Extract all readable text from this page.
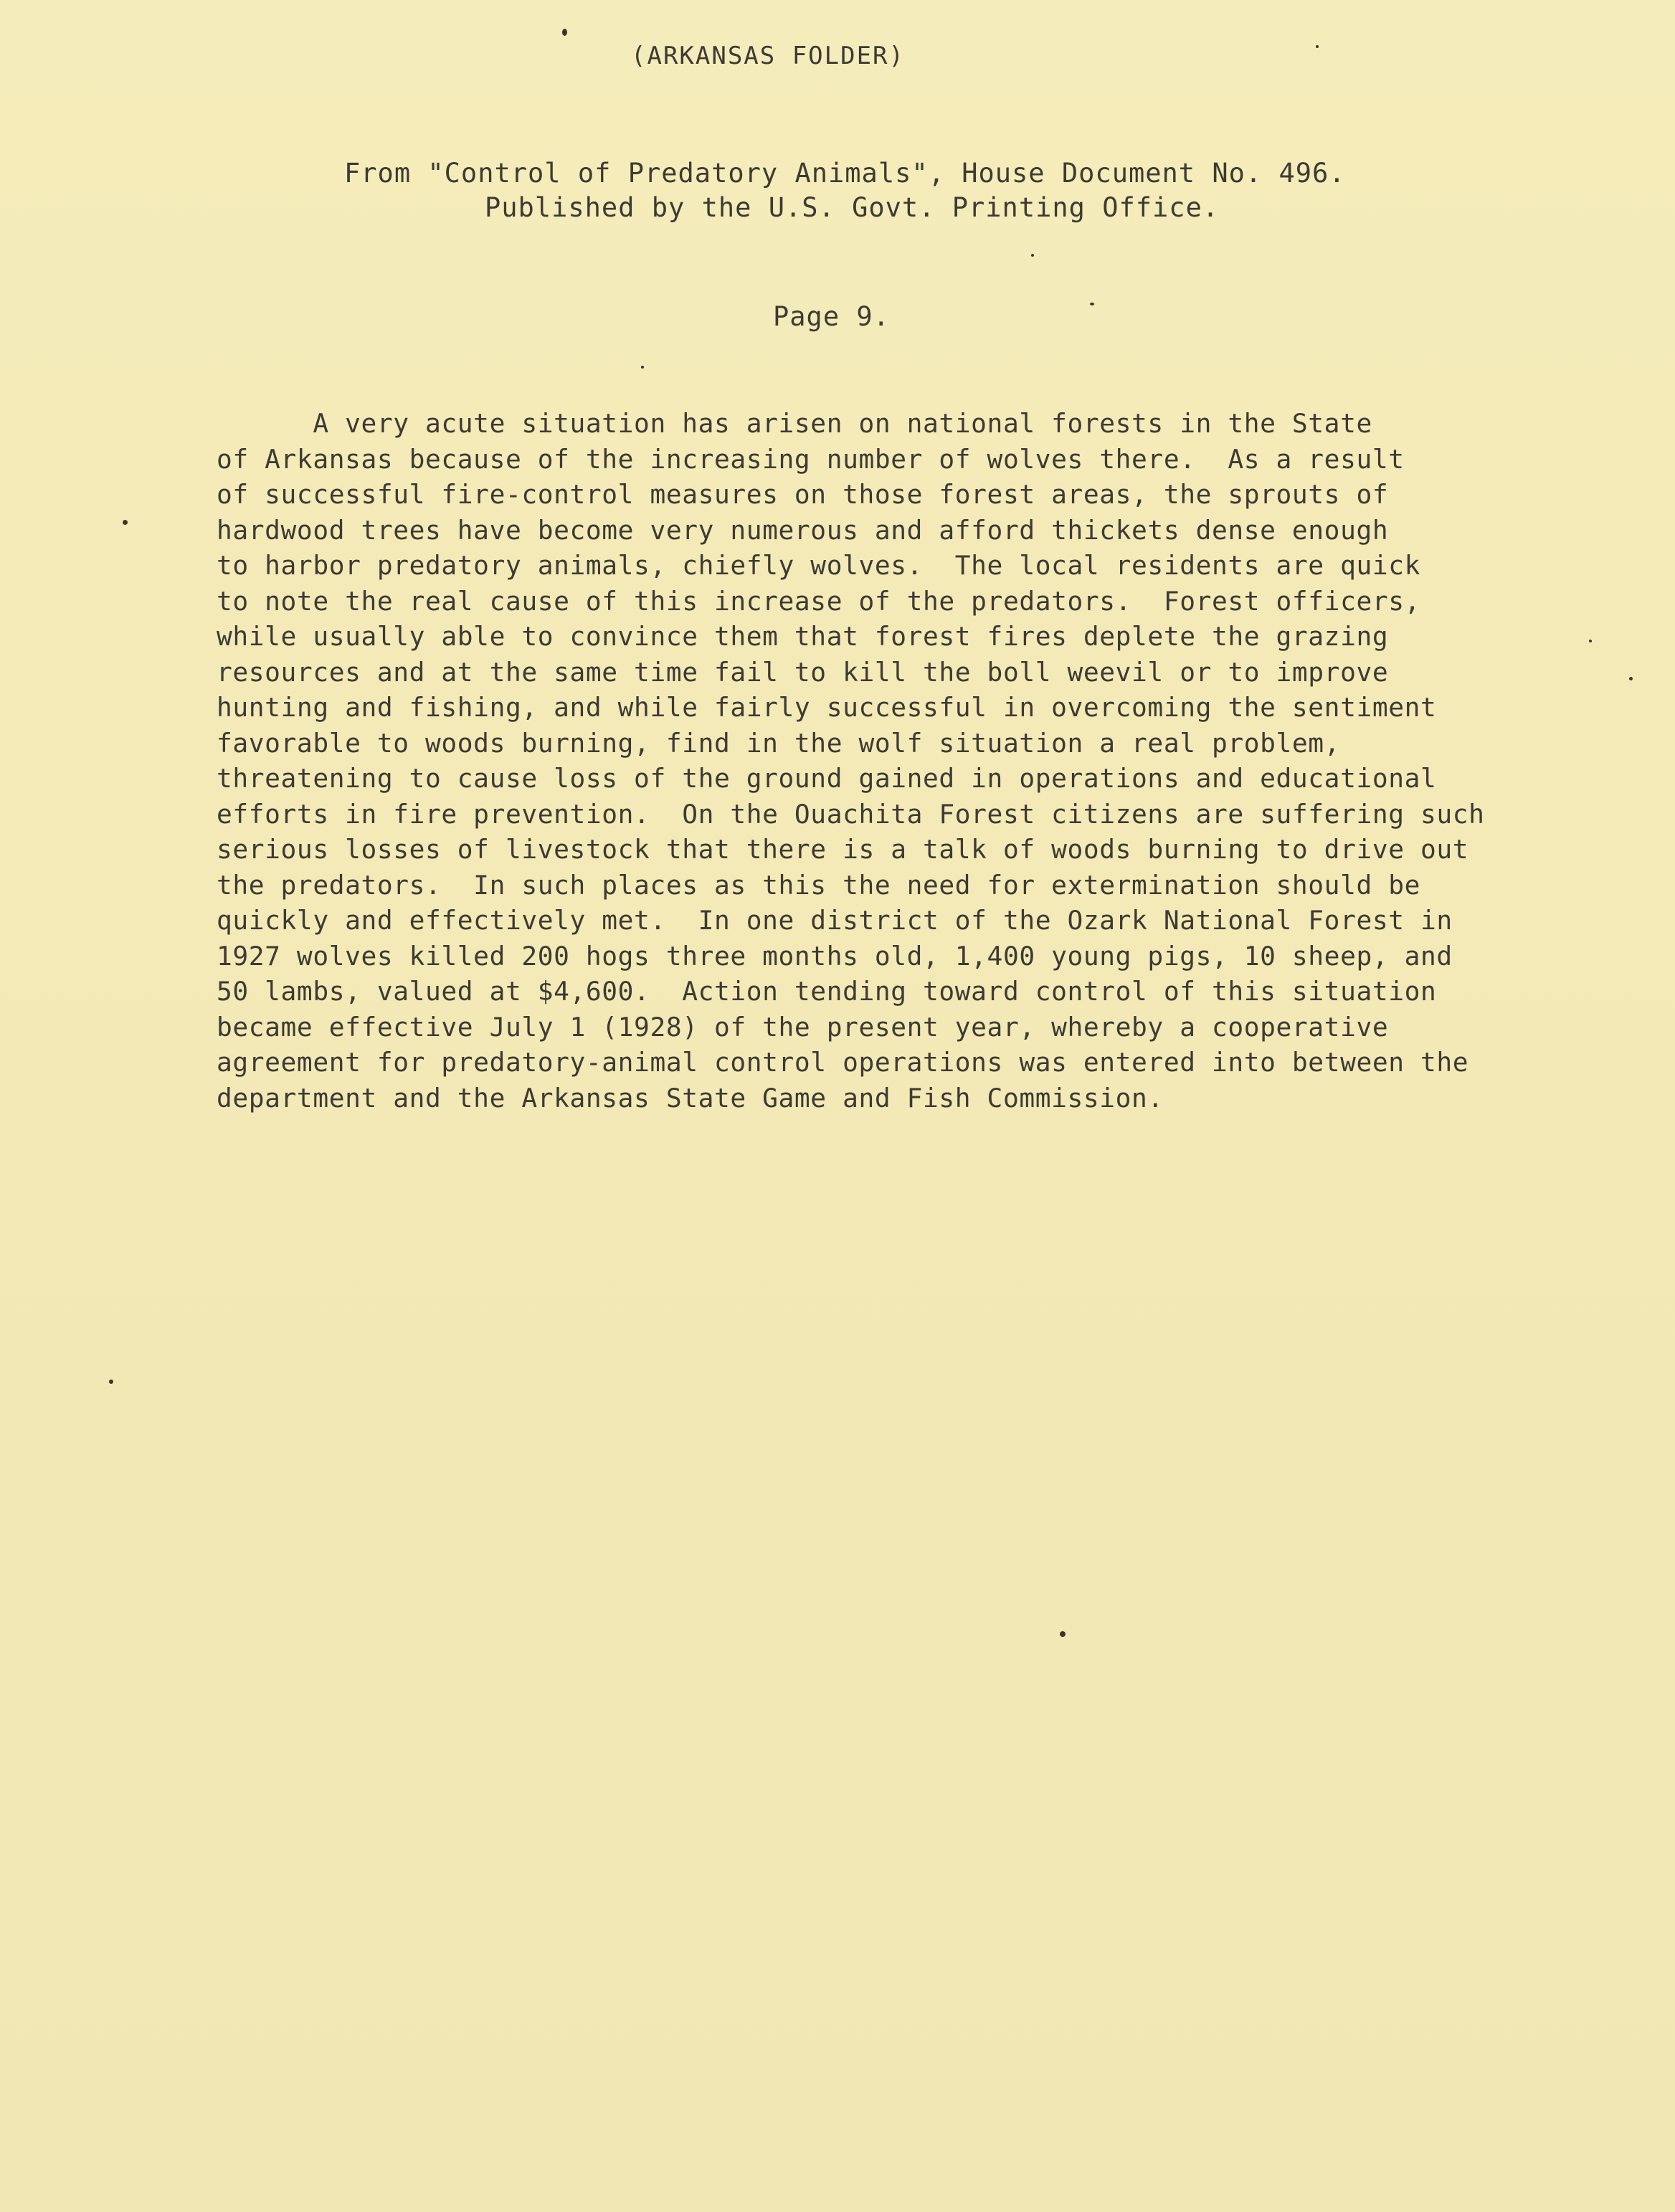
(ARKANSAS FOLDER)

From "Control of Predatory Animals", House Document No. 496.

Published by the U.S. Govt. Printing Office.

Page 9.

A very acute situation has arisen on national forests in the State
of Arkansas because of the increasing number of wolves there.  As a result
of successful fire-control measures on those forest areas, the sprouts of
hardwood trees have become very numerous and afford thickets dense enough
to harbor predatory animals, chiefly wolves.  The local residents are quick
to note the real cause of this increase of the predators.  Forest officers,
while usually able to convince them that forest fires deplete the grazing
resources and at the same time fail to kill the boll weevil or to improve
hunting and fishing, and while fairly successful in overcoming the sentiment
favorable to woods burning, find in the wolf situation a real problem,
threatening to cause loss of the ground gained in operations and educational
efforts in fire prevention.  On the Ouachita Forest citizens are suffering such
serious losses of livestock that there is a talk of woods burning to drive out
the predators.  In such places as this the need for extermination should be
quickly and effectively met.  In one district of the Ozark National Forest in
1927 wolves killed 200 hogs three months old, 1,400 young pigs, 10 sheep, and
50 lambs, valued at $4,600.  Action tending toward control of this situation
became effective July 1 (1928) of the present year, whereby a cooperative
agreement for predatory-animal control operations was entered into between the
department and the Arkansas State Game and Fish Commission.
